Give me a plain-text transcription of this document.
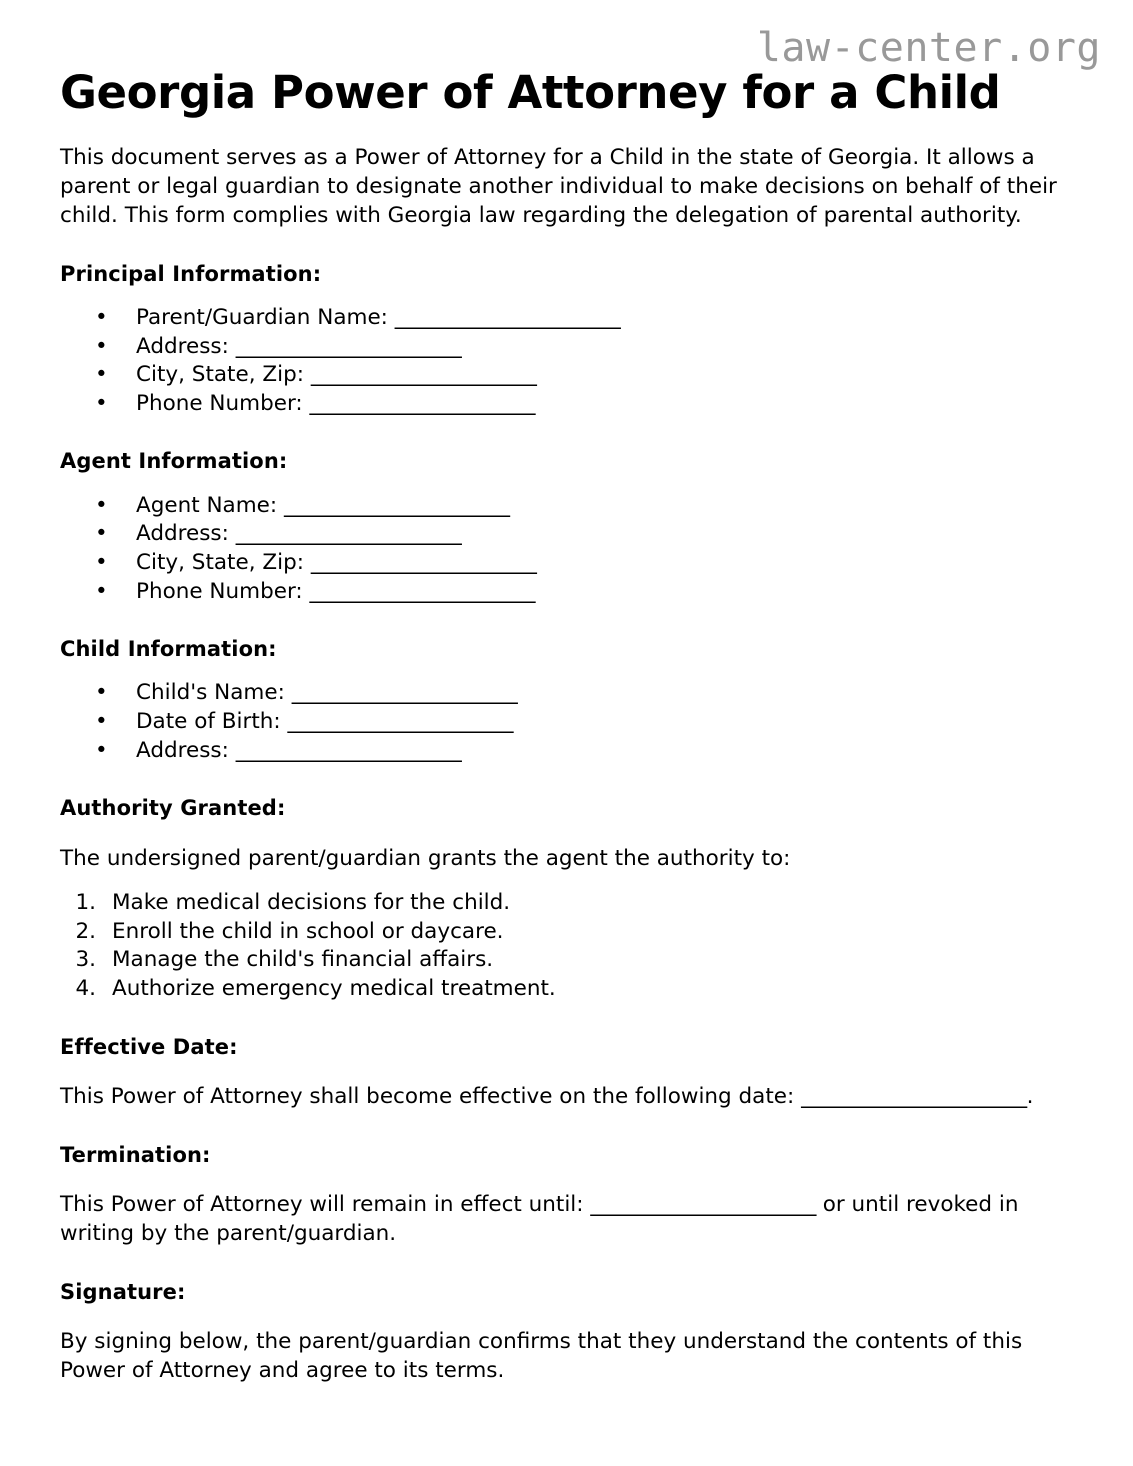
law-center.org
Georgia Power of Attorney for a Child

This document serves as a Power of Attorney for a Child in the state of Georgia. It allows a parent or legal guardian to designate another individual to make decisions on behalf of their child. This form complies with Georgia law regarding the delegation of parental authority.

Principal Information:
• Parent/Guardian Name: ______________________
• Address: ______________________
• City, State, Zip: ______________________
• Phone Number: ______________________
Agent Information:
• Agent Name: ______________________
• Address: ______________________
• City, State, Zip: ______________________
• Phone Number: ______________________
Child Information:
• Child's Name: ______________________
• Date of Birth: ______________________
• Address: ______________________
Authority Granted:

The undersigned parent/guardian grants the agent the authority to:

1. Make medical decisions for the child.
2. Enroll the child in school or daycare.
3. Manage the child's financial affairs.
4. Authorize emergency medical treatment.
Effective Date:

This Power of Attorney shall become effective on the following date: ______________________.

Termination:

This Power of Attorney will remain in effect until: ______________________ or until revoked in writing by the parent/guardian.

Signature:

By signing below, the parent/guardian confirms that they understand the contents of this Power of Attorney and agree to its terms.
